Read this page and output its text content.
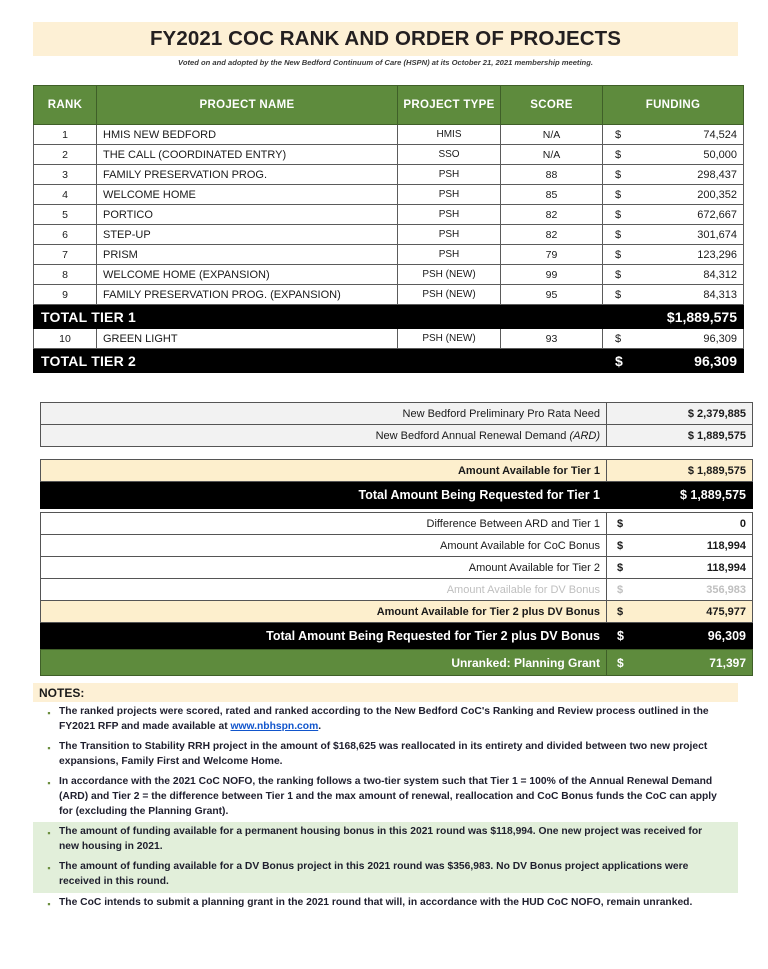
FY2021 COC RANK AND ORDER OF PROJECTS
Voted on and adopted by the New Bedford Continuum of Care (HSPN) at its October 21, 2021 membership meeting.
RANK	PROJECT NAME	PROJECT TYPE	SCORE	FUNDING
1	HMIS NEW BEDFORD	HMIS	N/A	$ 74,524
2	THE CALL (COORDINATED ENTRY)	SSO	N/A	$ 50,000
3	FAMILY PRESERVATION PROG.	PSH	88	$ 298,437
4	WELCOME HOME	PSH	85	$ 200,352
5	PORTICO	PSH	82	$ 672,667
6	STEP-UP	PSH	82	$ 301,674
7	PRISM	PSH	79	$ 123,296
8	WELCOME HOME (EXPANSION)	PSH (NEW)	99	$ 84,312
9	FAMILY PRESERVATION PROG. (EXPANSION)	PSH (NEW)	95	$ 84,313
TOTAL TIER 1				$1,889,575
10	GREEN LIGHT	PSH (NEW)	93	$ 96,309
TOTAL TIER 2				$ 96,309
New Bedford Preliminary Pro Rata Need	$ 2,379,885
New Bedford Annual Renewal Demand (ARD)	$ 1,889,575
Amount Available for Tier 1	$ 1,889,575
Total Amount Being Requested for Tier 1	$ 1,889,575
Difference Between ARD and Tier 1	$ 0
Amount Available for CoC Bonus	$ 118,994
Amount Available for Tier 2	$ 118,994
Amount Available for DV Bonus	$ 356,983
Amount Available for Tier 2 plus DV Bonus	$ 475,977
Total Amount Being Requested for Tier 2 plus DV Bonus	$ 96,309
Unranked: Planning Grant	$	71,397
NOTES:
▪ The ranked projects were scored, rated and ranked according to the New Bedford CoC's Ranking and Review process outlined in the FY2021 RFP and made available at www.nbhspn.com.
▪ The Transition to Stability RRH project in the amount of $168,625 was reallocated in its entirety and divided between two new project expansions, Family First and Welcome Home.
▪ In accordance with the 2021 CoC NOFO, the ranking follows a two-tier system such that Tier 1 = 100% of the Annual Renewal Demand (ARD) and Tier 2 = the difference between Tier 1 and the max amount of renewal, reallocation and CoC Bonus funds the CoC can apply for (excluding the Planning Grant).
▪ The amount of funding available for a permanent housing bonus in this 2021 round was $118,994. One new project was received for new housing in 2021.
▪ The amount of funding available for a DV Bonus project in this 2021 round was $356,983. No DV Bonus project applications were received in this round.
▪ The CoC intends to submit a planning grant in the 2021 round that will, in accordance with the HUD CoC NOFO, remain unranked.
